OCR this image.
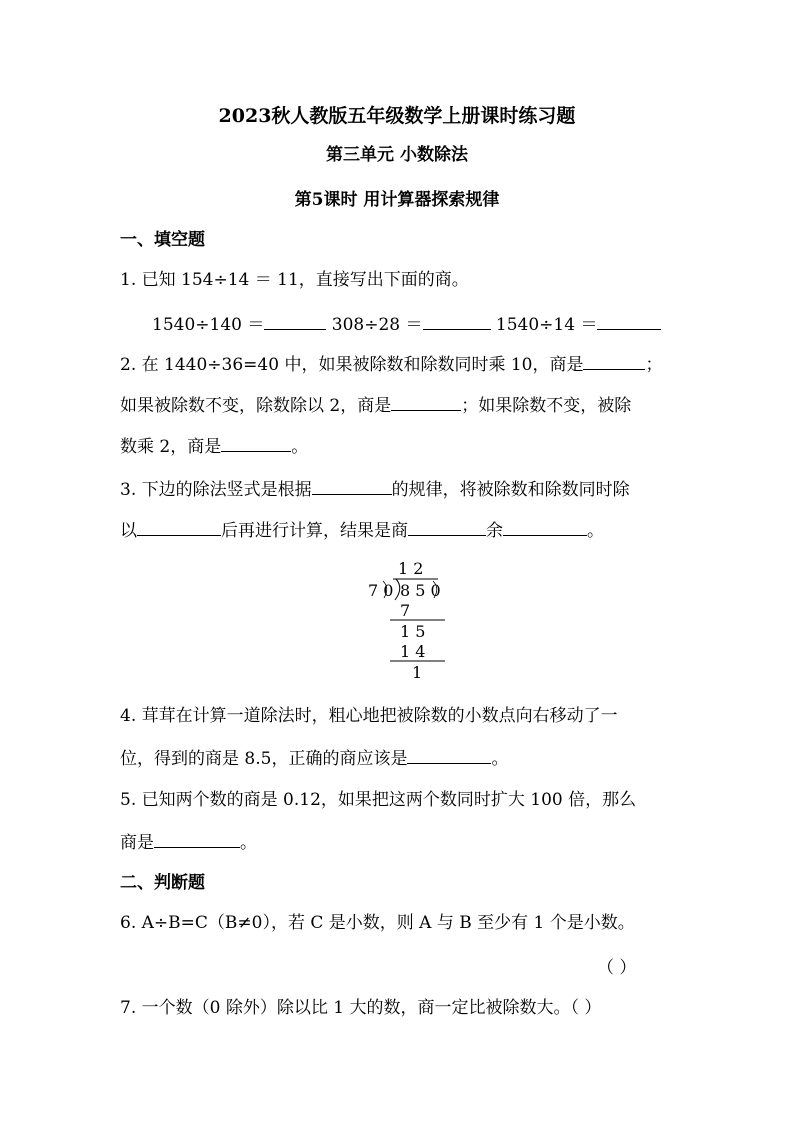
2023秋人教版五年级数学上册课时练习题
第三单元 小数除法
第5课时 用计算器探索规律
一、填空题
1. 已知 154÷14 ＝ 11，直接写出下面的商。
1540÷140 ＝	308÷28 ＝	1540÷14 ＝
2. 在 1440÷36=40 中，如果被除数和除数同时乘 10，商是	；
如果被除数不变，除数除以 2，商是	；如果除数不变，被除
数乘 2，商是	。
3. 下边的除法竖式是根据	的规律，将被除数和除数同时除
以	后再进行计算，结果是商	余	。
1 2
7 0 8 5 0
7
1 5
1 4
1
4. 茸茸在计算一道除法时，粗心地把被除数的小数点向右移动了一
位，得到的商是 8.5，正确的商应该是	。
5. 已知两个数的商是 0.12，如果把这两个数同时扩大 100 倍，那么
商是	。
二、判断题
6. A÷B=C（B≠0），若 C 是小数，则 A 与 B 至少有 1 个是小数。
（ ）
7. 一个数（0 除外）除以比 1 大的数，商一定比被除数大。（ ）
